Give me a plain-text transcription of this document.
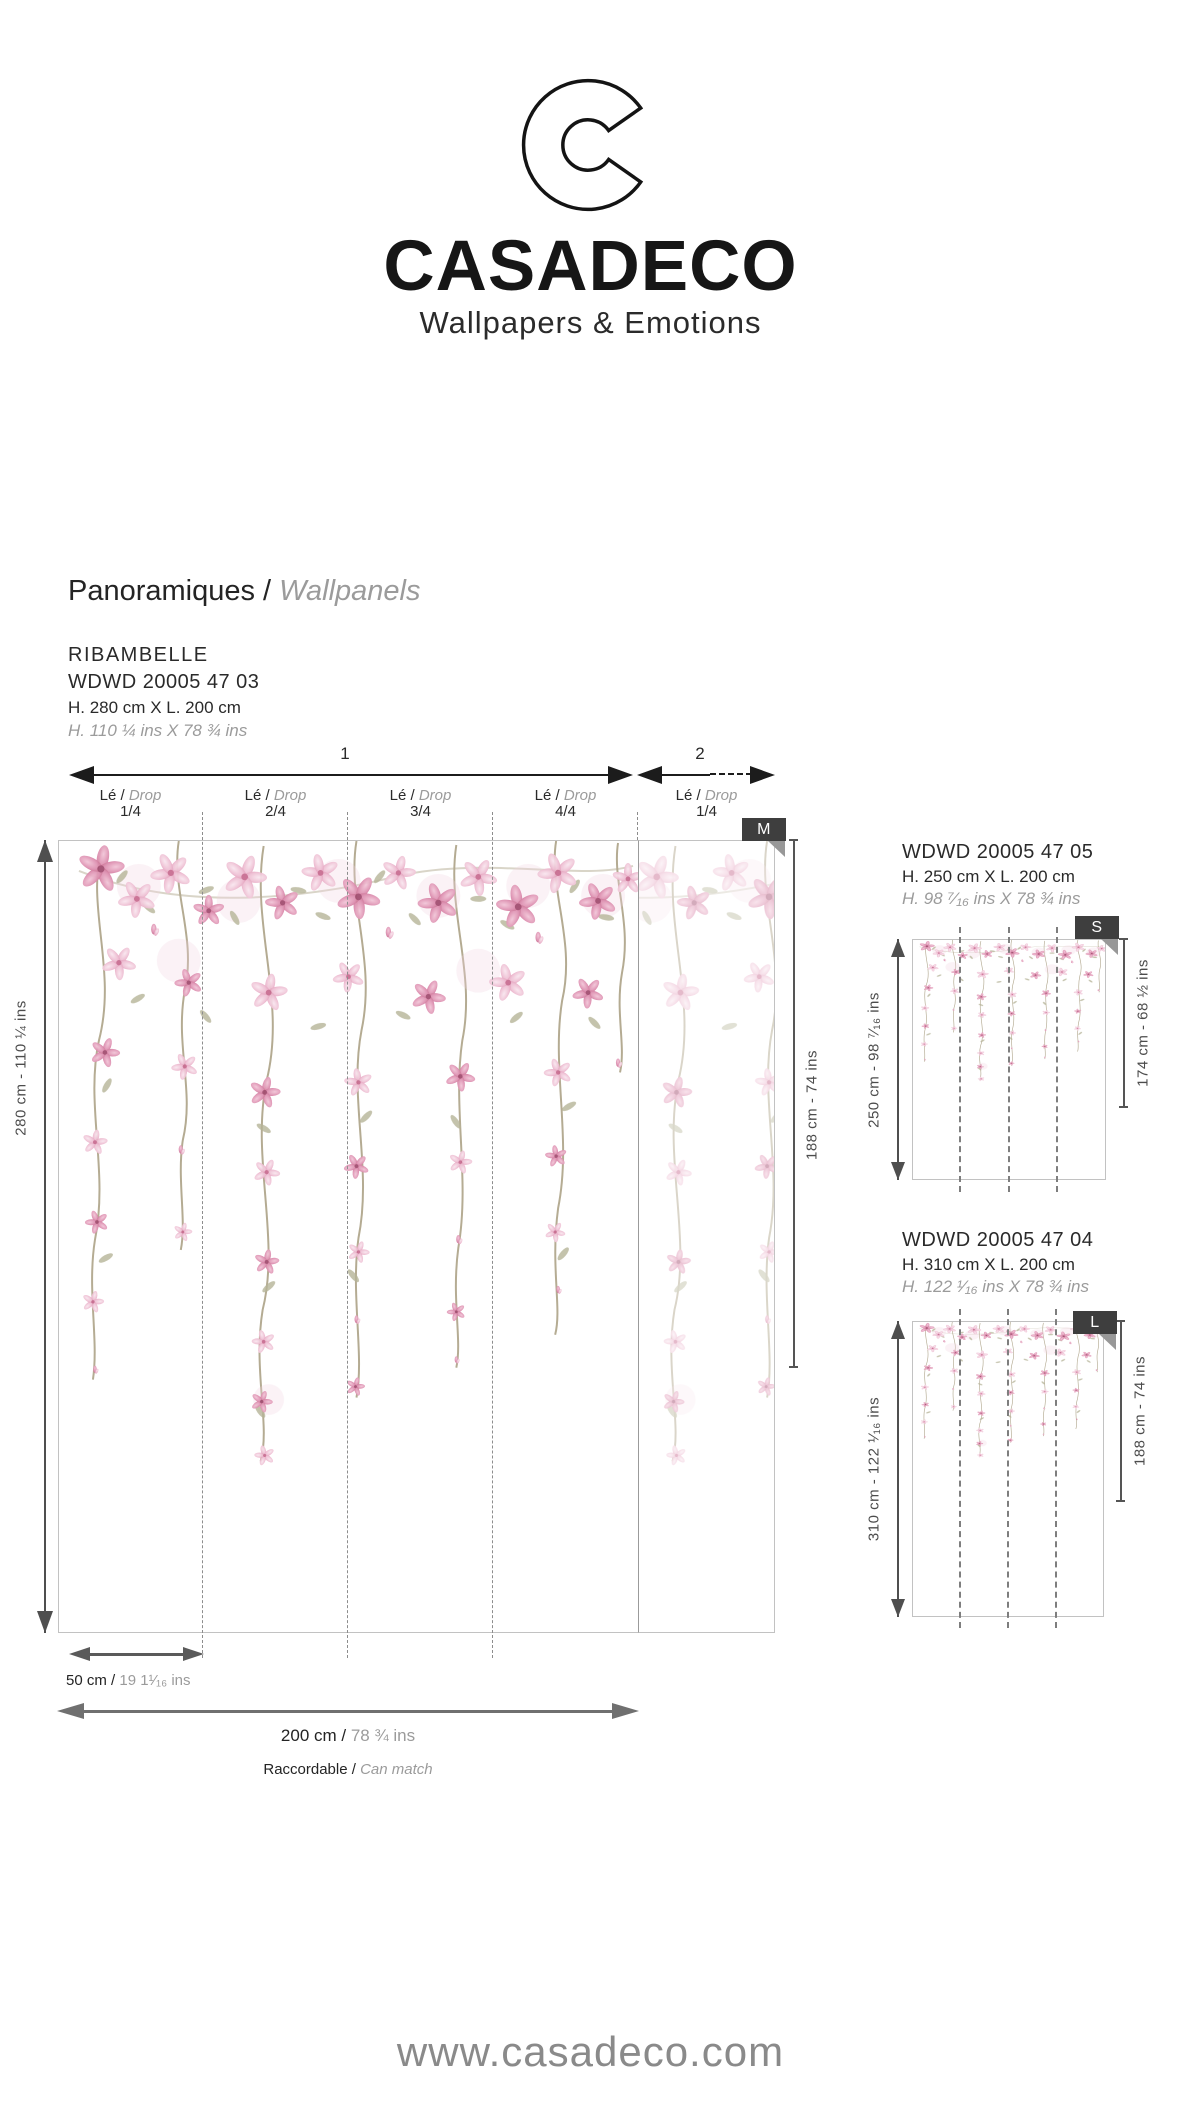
CASADECO
Wallpapers & Emotions
Panoramiques / Wallpanels
RIBAMBELLE
WDWD 20005 47 03
H. 280 cm X L. 200 cm
H. 110 ¼ ins X 78 ¾ ins
1	2
Lé / Drop
1/4
Lé / Drop
2/4
Lé / Drop
3/4
Lé / Drop
4/4
Lé / Drop
1/4
M
280 cm - 110 ¼ ins	188 cm - 74 ins
50 cm / 19 1¹⁄₁₆ ins
200 cm / 78 ¾ ins
Raccordable / Can match
WDWD 20005 47 05
H. 250 cm X L. 200 cm
H. 98 ⁷⁄₁₆ ins X 78 ¾ ins
S
250 cm - 98 ⁷⁄₁₆ ins	174 cm - 68 ½ ins
WDWD 20005 47 04
H. 310 cm X L. 200 cm
H. 122 ¹⁄₁₆ ins X 78 ¾ ins
L
310 cm - 122 ¹⁄₁₆ ins	188 cm - 74 ins
www.casadeco.com
